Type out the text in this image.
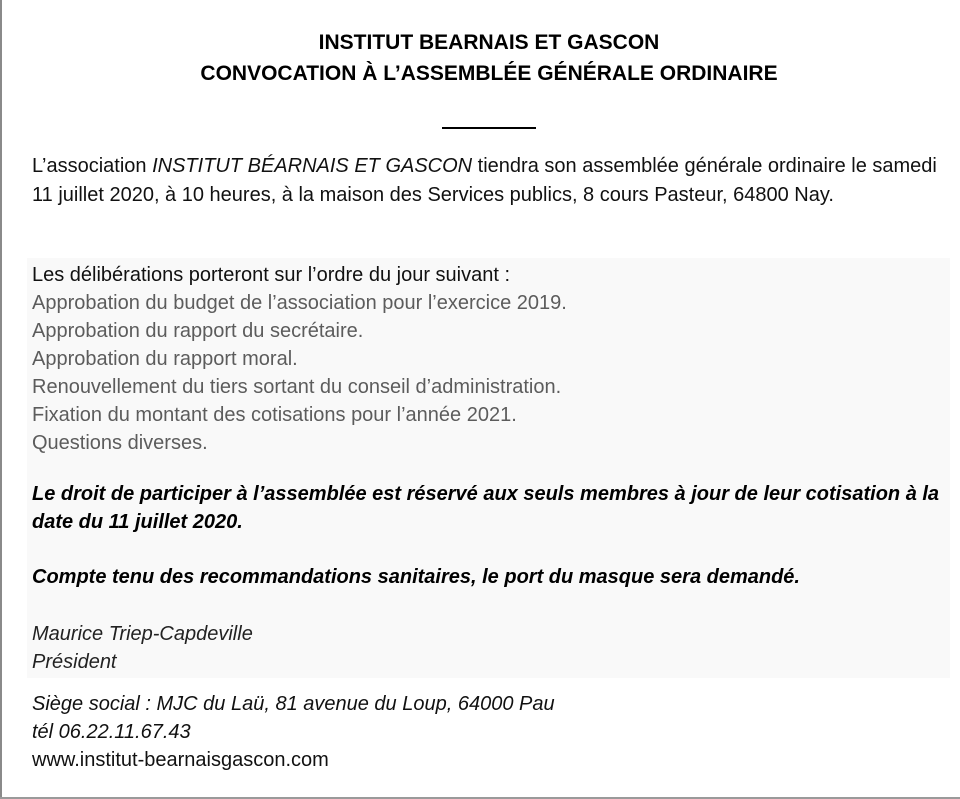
INSTITUT BEARNAIS ET GASCON
CONVOCATION À L’ASSEMBLÉE GÉNÉRALE ORDINAIRE
L’association INSTITUT BÉARNAIS ET GASCON tiendra son assemblée générale ordinaire le samedi 11 juillet 2020, à 10 heures, à la maison des Services publics, 8 cours Pasteur, 64800 Nay.
Les délibérations porteront sur l’ordre du jour suivant :
Approbation du budget de l’association pour l’exercice 2019.
Approbation du rapport du secrétaire.
Approbation du rapport moral.
Renouvellement du tiers sortant du conseil d’administration.
Fixation du montant des cotisations pour l’année 2021.
Questions diverses.
Le droit de participer à l’assemblée est réservé aux seuls membres à jour de leur cotisation à la date du 11 juillet 2020.
Compte tenu des recommandations sanitaires, le port du masque sera demandé.
Maurice Triep-Capdeville
Président
Siège social : MJC du Laü, 81 avenue du Loup, 64000 Pau
tél 06.22.11.67.43
www.institut-bearnaisgascon.com
